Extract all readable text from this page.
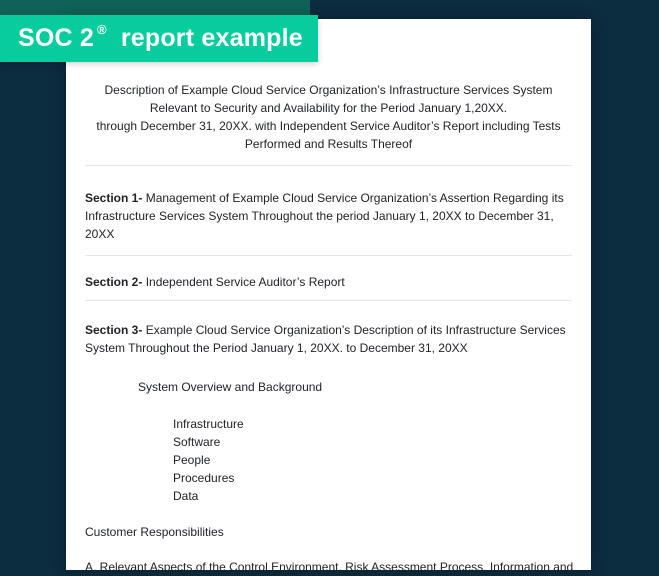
Description of Example Cloud Service Organization’s Infrastructure Services System
Relevant to Security and Availability for the Period January 1,20XX.
through December 31, 20XX. with Independent Service Auditor’s Report including Tests
Performed and Results Thereof

Section 1- Management of Example Cloud Service Organization’s Assertion Regarding its Infrastructure Services System Throughout the period January 1, 20XX to December 31, 20XX

Section 2- Independent Service Auditor’s Report

Section 3- Example Cloud Service Organization’s Description of its Infrastructure Services System Throughout the Period January 1, 20XX. to December 31, 20XX

System Overview and Background
Infrastructure
Software
People
Procedures
Data
Customer Responsibilities
A. Relevant Aspects of the Control Environment, Risk Assessment Process, Information and
SOC 2 ® report example
